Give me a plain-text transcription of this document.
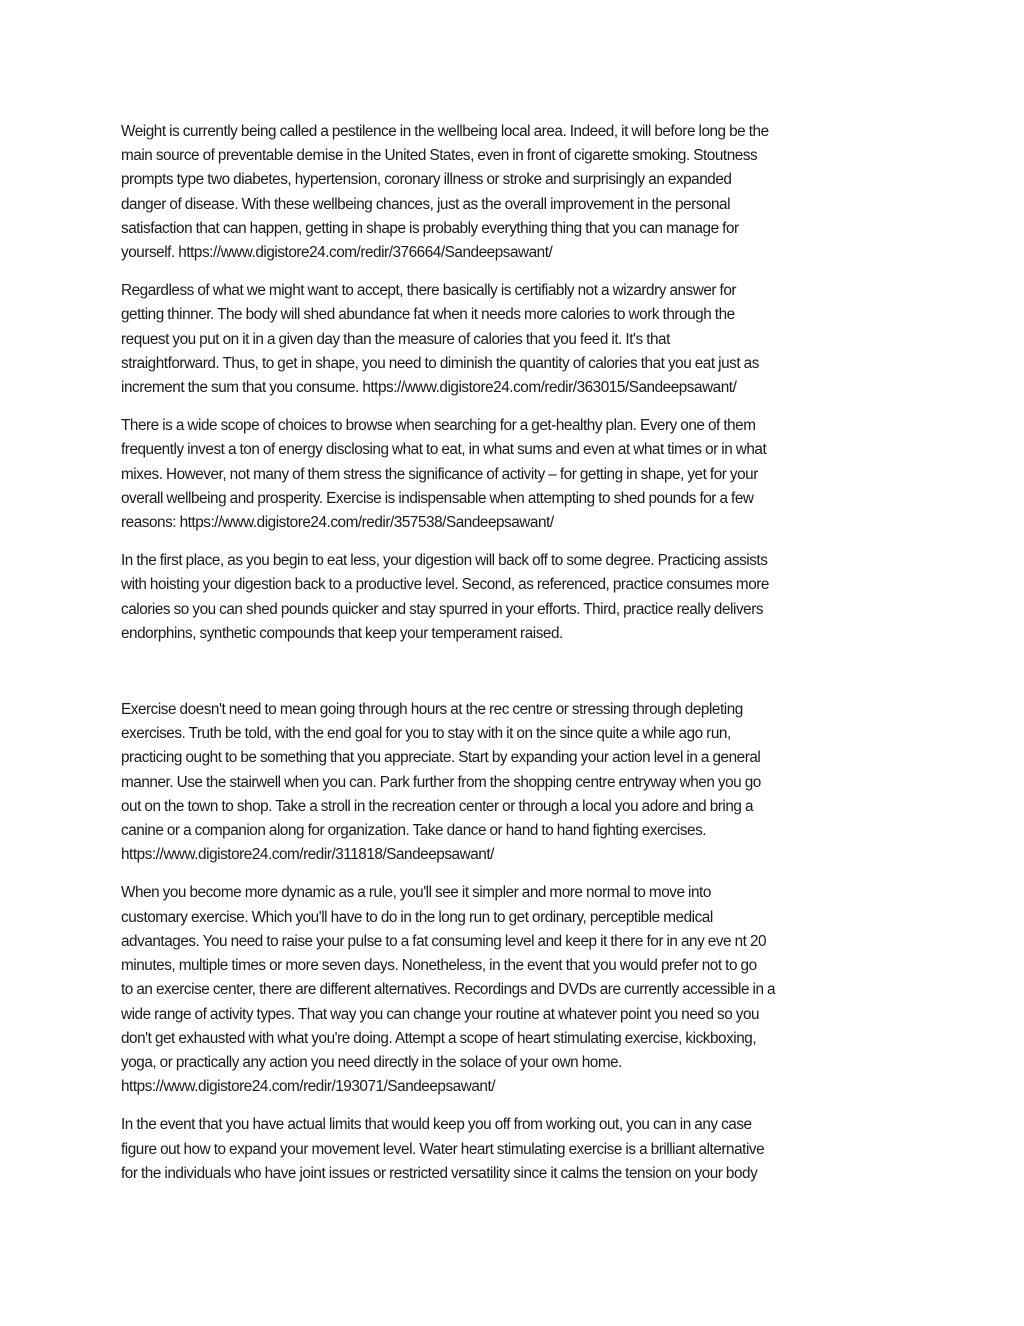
Weight is currently being called a pestilence in the wellbeing local area. Indeed, it will before long be the
main source of preventable demise in the United States, even in front of cigarette smoking. Stoutness
prompts type two diabetes, hypertension, coronary illness or stroke and surprisingly an expanded
danger of disease. With these wellbeing chances, just as the overall improvement in the personal
satisfaction that can happen, getting in shape is probably everything thing that you can manage for
yourself. https://www.digistore24.com/redir/376664/Sandeepsawant/

Regardless of what we might want to accept, there basically is certifiably not a wizardry answer for
getting thinner. The body will shed abundance fat when it needs more calories to work through the
request you put on it in a given day than the measure of calories that you feed it. It's that
straightforward. Thus, to get in shape, you need to diminish the quantity of calories that you eat just as
increment the sum that you consume. https://www.digistore24.com/redir/363015/Sandeepsawant/

There is a wide scope of choices to browse when searching for a get-healthy plan. Every one of them
frequently invest a ton of energy disclosing what to eat, in what sums and even at what times or in what
mixes. However, not many of them stress the significance of activity – for getting in shape, yet for your
overall wellbeing and prosperity. Exercise is indispensable when attempting to shed pounds for a few
reasons: https://www.digistore24.com/redir/357538/Sandeepsawant/

In the first place, as you begin to eat less, your digestion will back off to some degree. Practicing assists
with hoisting your digestion back to a productive level. Second, as referenced, practice consumes more
calories so you can shed pounds quicker and stay spurred in your efforts. Third, practice really delivers
endorphins, synthetic compounds that keep your temperament raised.

Exercise doesn't need to mean going through hours at the rec centre or stressing through depleting
exercises. Truth be told, with the end goal for you to stay with it on the since quite a while ago run,
practicing ought to be something that you appreciate. Start by expanding your action level in a general
manner. Use the stairwell when you can. Park further from the shopping centre entryway when you go
out on the town to shop. Take a stroll in the recreation center or through a local you adore and bring a
canine or a companion along for organization. Take dance or hand to hand fighting exercises.
https://www.digistore24.com/redir/311818/Sandeepsawant/

When you become more dynamic as a rule, you'll see it simpler and more normal to move into
customary exercise. Which you'll have to do in the long run to get ordinary, perceptible medical
advantages. You need to raise your pulse to a fat consuming level and keep it there for in any eve nt 20
minutes, multiple times or more seven days. Nonetheless, in the event that you would prefer not to go
to an exercise center, there are different alternatives. Recordings and DVDs are currently accessible in a
wide range of activity types. That way you can change your routine at whatever point you need so you
don't get exhausted with what you're doing. Attempt a scope of heart stimulating exercise, kickboxing,
yoga, or practically any action you need directly in the solace of your own home.
https://www.digistore24.com/redir/193071/Sandeepsawant/

In the event that you have actual limits that would keep you off from working out, you can in any case
figure out how to expand your movement level. Water heart stimulating exercise is a brilliant alternative
for the individuals who have joint issues or restricted versatility since it calms the tension on your body
